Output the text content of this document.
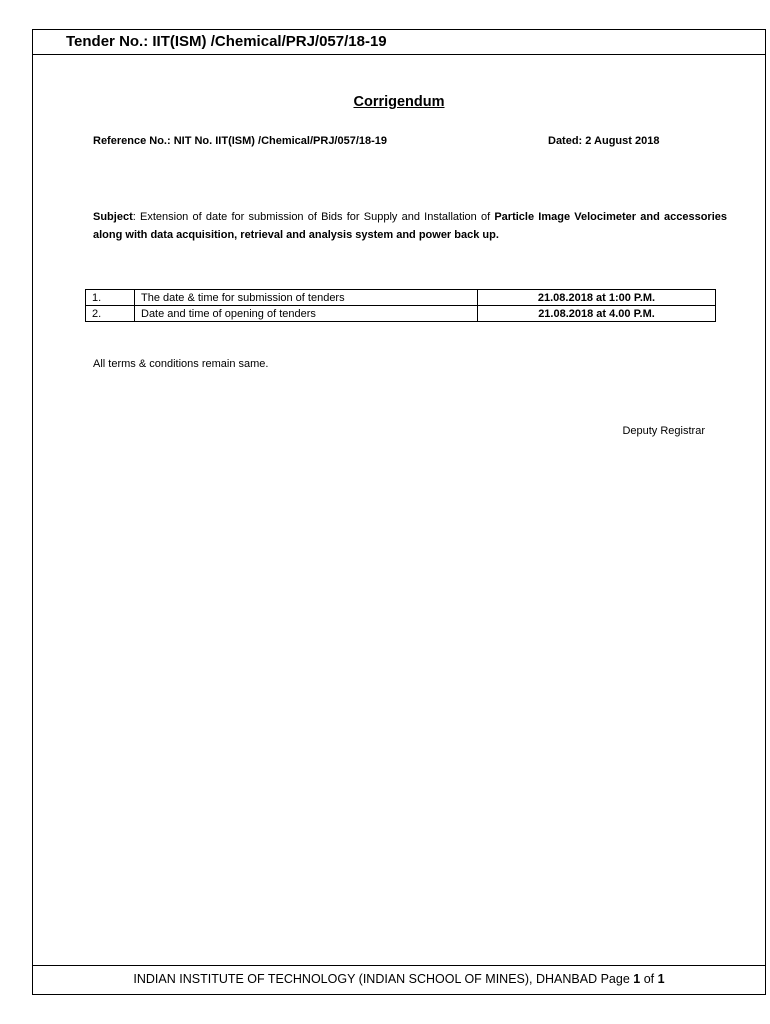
Tender No.: IIT(ISM) /Chemical/PRJ/057/18-19
Corrigendum
Reference No.: NIT No. IIT(ISM) /Chemical/PRJ/057/18-19	Dated: 2 August 2018
Subject: Extension of date for submission of Bids for Supply and Installation of Particle Image Velocimeter and accessories along with data acquisition, retrieval and analysis system and power back up.
1.	The date & time for submission of tenders	21.08.2018 at 1:00 P.M.
2.	Date and time of opening of tenders	21.08.2018 at 4.00 P.M.
All terms & conditions remain same.
Deputy Registrar
INDIAN INSTITUTE OF TECHNOLOGY (INDIAN SCHOOL OF MINES), DHANBAD Page 1 of 1
